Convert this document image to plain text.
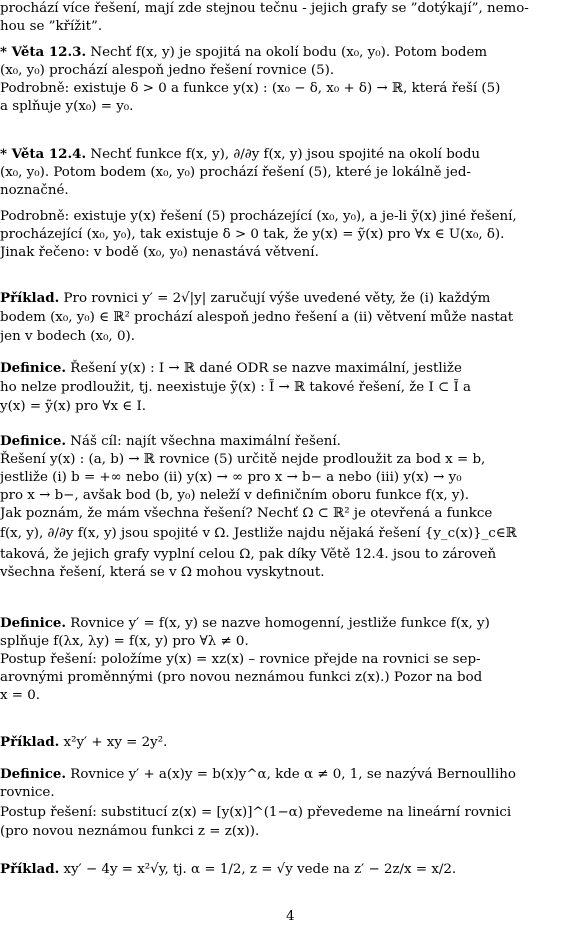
prochází více řešení, mají zde stejnou tečnu - jejich grafy se ”dotýkají”, nemo-
hou se ”křížit”.
* Věta 12.3. Nechť f(x, y) je spojitá na okolí bodu (x₀, y₀). Potom bodem
(x₀, y₀) prochází alespoň jedno řešení rovnice (5).
Podrobně: existuje δ > 0 a funkce y(x) : (x₀ − δ, x₀ + δ) → ℝ, která řeší (5)
a splňuje y(x₀) = y₀.
* Věta 12.4. Nechť funkce f(x, y), ∂/∂y f(x, y) jsou spojité na okolí bodu
(x₀, y₀). Potom bodem (x₀, y₀) prochází řešení (5), které je lokálně jed-
noznačné.
Podrobně: existuje y(x) řešení (5) procházející (x₀, y₀), a je-li ỹ(x) jiné řešení,
procházející (x₀, y₀), tak existuje δ > 0 tak, že y(x) = ỹ(x) pro ∀x ∈ U(x₀, δ).
Jinak řečeno: v bodě (x₀, y₀) nenastává větvení.
Příklad. Pro rovnici y′ = 2√|y| zaručují výše uvedené věty, že (i) každým
bodem (x₀, y₀) ∈ ℝ² prochází alespoň jedno řešení a (ii) větvení může nastat
jen v bodech (x₀, 0).
Definice. Řešení y(x) : I → ℝ dané ODR se nazve maximální, jestliže
ho nelze prodloužit, tj. neexistuje ỹ(x) : Ĩ → ℝ takové řešení, že I ⊂ Ĩ a
y(x) = ỹ(x) pro ∀x ∈ I.
Definice. Náš cíl: najít všechna maximální řešení.
Řešení y(x) : (a, b) → ℝ rovnice (5) určitě nejde prodloužit za bod x = b,
jestliže (i) b = +∞ nebo (ii) y(x) → ∞ pro x → b− a nebo (iii) y(x) → y₀
pro x → b−, avšak bod (b, y₀) neleží v definičním oboru funkce f(x, y).
Jak poznám, že mám všechna řešení? Nechť Ω ⊂ ℝ² je otevřená a funkce
f(x, y), ∂/∂y f(x, y) jsou spojité v Ω. Jestliže najdu nějaká řešení {y_c(x)}_c∈ℝ
taková, že jejich grafy vyplní celou Ω, pak díky Větě 12.4. jsou to zároveň
všechna řešení, která se v Ω mohou vyskytnout.
Definice. Rovnice y′ = f(x, y) se nazve homogenní, jestliže funkce f(x, y)
splňuje f(λx, λy) = f(x, y) pro ∀λ ≠ 0.
Postup řešení: položíme y(x) = xz(x) – rovnice přejde na rovnici se sep-
arovnými proměnnými (pro novou neznámou funkci z(x).) Pozor na bod
x = 0.
Příklad. x²y′ + xy = 2y².
Definice. Rovnice y′ + a(x)y = b(x)y^α, kde α ≠ 0, 1, se nazývá Bernoulliho
rovnice.
Postup řešení: substitucí z(x) = [y(x)]^(1−α) převedeme na lineární rovnici
(pro novou neznámou funkci z = z(x)).
Příklad. xy′ − 4y = x²√y, tj. α = 1/2, z = √y vede na z′ − 2z/x = x/2.
4
